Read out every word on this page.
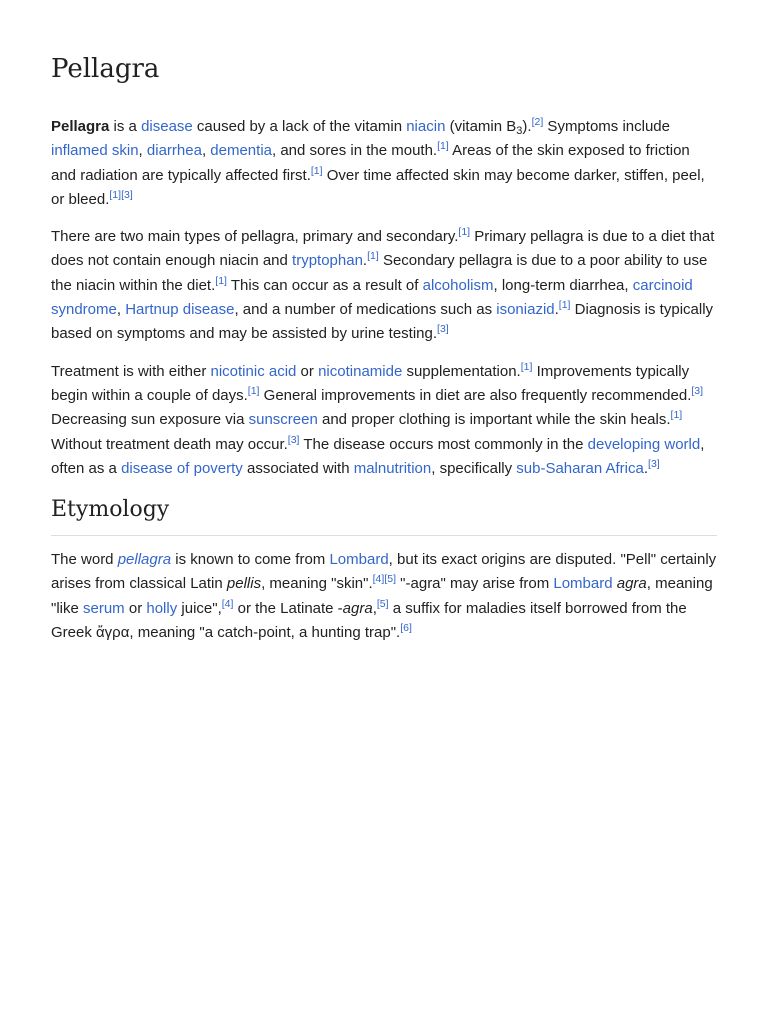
Pellagra

Pellagra is a disease caused by a lack of the vitamin niacin (vitamin $B_3).[2]$ Symptoms include inflamed skin, diarrhea, dementia, and sores in the mouth.[1] Areas of the skin exposed to friction and radiation are typically affected first.[1] Over time affected skin may become darker, stiffen, peel, or bleed.[1][3]

There are two main types of pellagra, primary and secondary.[1] Primary pellagra is due to a diet that does not contain enough niacin and tryptophan.[1] Secondary pellagra is due to a poor ability to use the niacin within the diet.[1] This can occur as a result of alcoholism, long-term diarrhea, carcinoid syndrome, Hartnup disease, and a number of medications such as isoniazid.[1] Diagnosis is typically based on symptoms and may be assisted by urine testing.[3]

Treatment is with either nicotinic acid or nicotinamide supplementation.[1] Improvements typically begin within a couple of days.[1] General improvements in diet are also frequently recommended.[3] Decreasing sun exposure via sunscreen and proper clothing is important while the skin heals.[1] Without treatment death may occur.[3] The disease occurs most commonly in the developing world, often as a disease of poverty associated with malnutrition, specifically sub-Saharan Africa.[3]

Etymology

The word pellagra is known to come from Lombard, but its exact origins are disputed. "Pell" certainly arises from classical Latin pellis, meaning "skin".[4][5] "-agra" may arise from Lombard agra, meaning "like serum or holly juice",[4] or the Latinate -agra,[5] a suffix for maladies itself borrowed from the Greek ἄγρα, meaning "a catch-point, a hunting trap".[6]
